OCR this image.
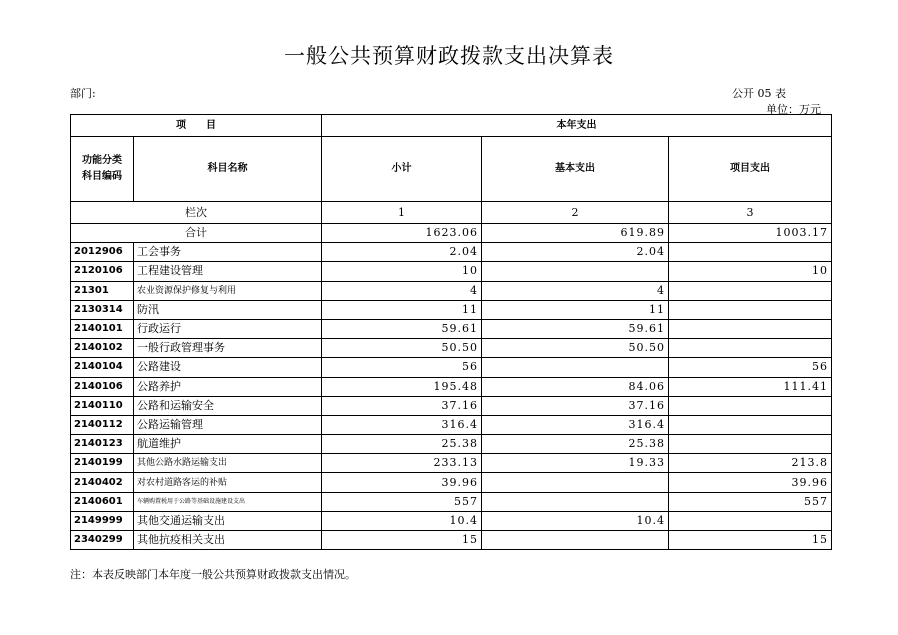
一般公共预算财政拨款支出决算表
部门:	公开 05 表
单位：万元
项　　目		本年支出		

功能分类
科目编码	科目名称	小计	基本支出	项目支出
栏次		1	2	3
合计		1623.06	619.89	1003.17
2012906	工会事务	2.04	2.04	
2120106	工程建设管理	10		10
21301	农业资源保护修复与利用	4	4	
2130314	防汛	11	11	
2140101	行政运行	59.61	59.61	
2140102	一般行政管理事务	50.50	50.50	
2140104	公路建设	56		56
2140106	公路养护	195.48	84.06	111.41
2140110	公路和运输安全	37.16	37.16	
2140112	公路运输管理	316.4	316.4	
2140123	航道维护	25.38	25.38	
2140199	其他公路水路运输支出	233.13	19.33	213.8
2140402	对农村道路客运的补贴	39.96		39.96
2140601	车辆购置税用于公路等基础设施建设支出	557		557
2149999	其他交通运输支出	10.4	10.4	
2340299	其他抗疫相关支出	15		15
注：本表反映部门本年度一般公共预算财政拨款支出情况。
